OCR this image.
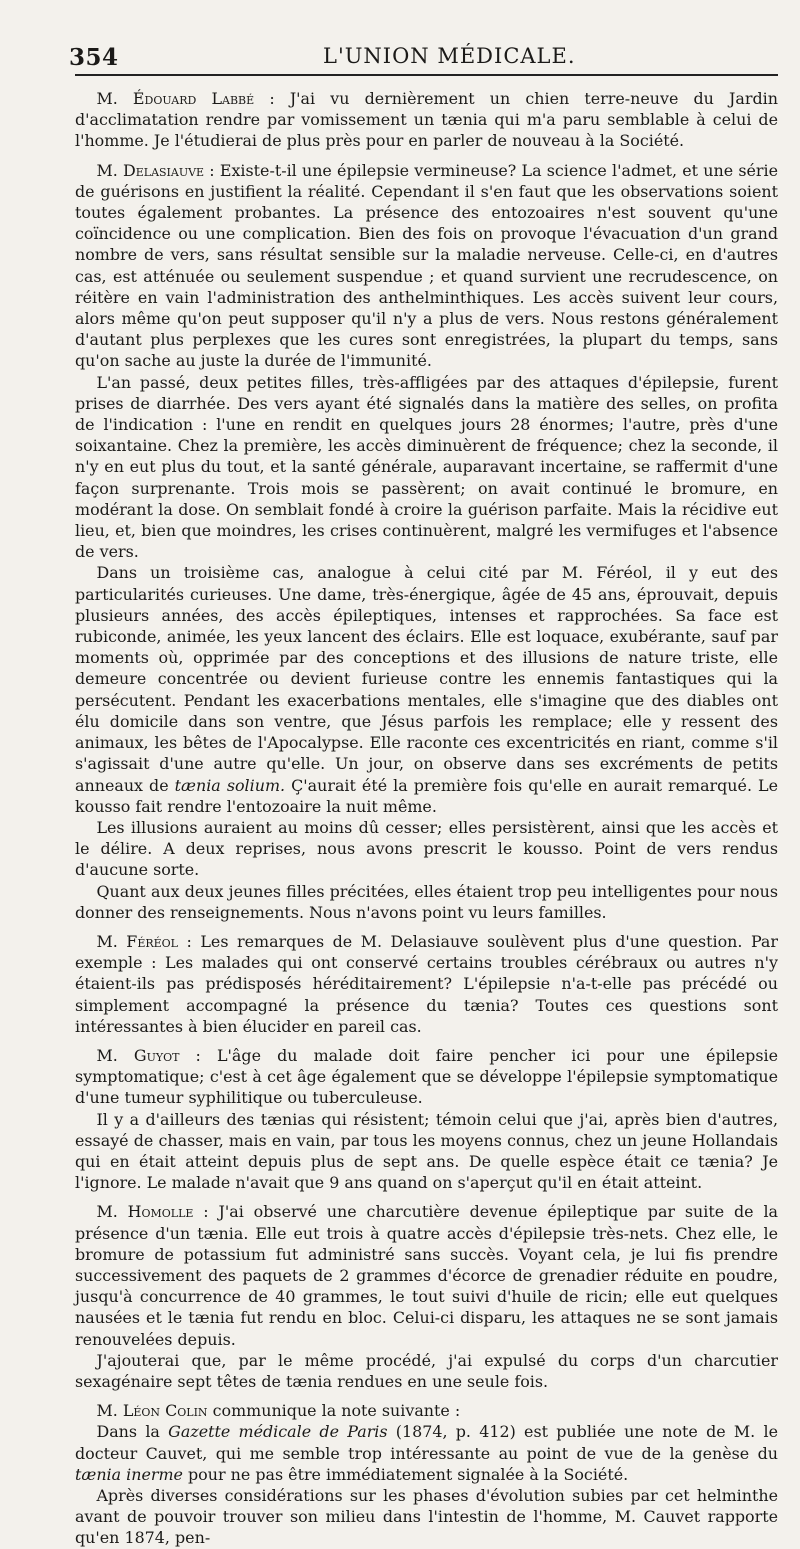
354	L'UNION MÉDICALE.

M. Édouard Labbé : J'ai vu dernièrement un chien terre-neuve du Jardin d'acclimatation rendre par vomissement un tænia qui m'a paru semblable à celui de l'homme. Je l'étudierai de plus près pour en parler de nouveau à la Société.

M. Delasiauve : Existe-t-il une épilepsie vermineuse? La science l'admet, et une série de guérisons en justifient la réalité. Cependant il s'en faut que les observations soient toutes également probantes. La présence des entozoaires n'est souvent qu'une coïncidence ou une complication. Bien des fois on provoque l'évacuation d'un grand nombre de vers, sans résultat sensible sur la maladie nerveuse. Celle-ci, en d'autres cas, est atténuée ou seulement suspendue ; et quand survient une recrudescence, on réitère en vain l'administration des anthelminthiques. Les accès suivent leur cours, alors même qu'on peut supposer qu'il n'y a plus de vers. Nous restons généralement d'autant plus perplexes que les cures sont enregistrées, la plupart du temps, sans qu'on sache au juste la durée de l'immunité.

L'an passé, deux petites filles, très-affligées par des attaques d'épilepsie, furent prises de diarrhée. Des vers ayant été signalés dans la matière des selles, on profita de l'indication : l'une en rendit en quelques jours 28 énormes; l'autre, près d'une soixantaine. Chez la première, les accès diminuèrent de fréquence; chez la seconde, il n'y en eut plus du tout, et la santé générale, auparavant incertaine, se raffermit d'une façon surprenante. Trois mois se passèrent; on avait continué le bromure, en modérant la dose. On semblait fondé à croire la guérison parfaite. Mais la récidive eut lieu, et, bien que moindres, les crises continuèrent, malgré les vermifuges et l'absence de vers.

Dans un troisième cas, analogue à celui cité par M. Féréol, il y eut des particularités curieuses. Une dame, très-énergique, âgée de 45 ans, éprouvait, depuis plusieurs années, des accès épileptiques, intenses et rapprochées. Sa face est rubiconde, animée, les yeux lancent des éclairs. Elle est loquace, exubérante, sauf par moments où, opprimée par des conceptions et des illusions de nature triste, elle demeure concentrée ou devient furieuse contre les ennemis fantastiques qui la persécutent. Pendant les exacerbations mentales, elle s'imagine que des diables ont élu domicile dans son ventre, que Jésus parfois les remplace; elle y ressent des animaux, les bêtes de l'Apocalypse. Elle raconte ces excentricités en riant, comme s'il s'agissait d'une autre qu'elle. Un jour, on observe dans ses excréments de petits anneaux de tænia solium. Ç'aurait été la première fois qu'elle en aurait remarqué. Le kousso fait rendre l'entozoaire la nuit même.

Les illusions auraient au moins dû cesser; elles persistèrent, ainsi que les accès et le délire. A deux reprises, nous avons prescrit le kousso. Point de vers rendus d'aucune sorte.

Quant aux deux jeunes filles précitées, elles étaient trop peu intelligentes pour nous donner des renseignements. Nous n'avons point vu leurs familles.

M. Féréol : Les remarques de M. Delasiauve soulèvent plus d'une question. Par exemple : Les malades qui ont conservé certains troubles cérébraux ou autres n'y étaient-ils pas prédisposés héréditairement? L'épilepsie n'a-t-elle pas précédé ou simplement accompagné la présence du tænia? Toutes ces questions sont intéressantes à bien élucider en pareil cas.

M. Guyot : L'âge du malade doit faire pencher ici pour une épilepsie symptomatique; c'est à cet âge également que se développe l'épilepsie symptomatique d'une tumeur syphilitique ou tuberculeuse.

Il y a d'ailleurs des tænias qui résistent; témoin celui que j'ai, après bien d'autres, essayé de chasser, mais en vain, par tous les moyens connus, chez un jeune Hollandais qui en était atteint depuis plus de sept ans. De quelle espèce était ce tænia? Je l'ignore. Le malade n'avait que 9 ans quand on s'aperçut qu'il en était atteint.

M. Homolle : J'ai observé une charcutière devenue épileptique par suite de la présence d'un tænia. Elle eut trois à quatre accès d'épilepsie très-nets. Chez elle, le bromure de potassium fut administré sans succès. Voyant cela, je lui fis prendre successivement des paquets de 2 grammes d'écorce de grenadier réduite en poudre, jusqu'à concurrence de 40 grammes, le tout suivi d'huile de ricin; elle eut quelques nausées et le tænia fut rendu en bloc. Celui-ci disparu, les attaques ne se sont jamais renouvelées depuis.

J'ajouterai que, par le même procédé, j'ai expulsé du corps d'un charcutier sexagénaire sept têtes de tænia rendues en une seule fois.

M. Léon Colin communique la note suivante :

Dans la Gazette médicale de Paris (1874, p. 412) est publiée une note de M. le docteur Cauvet, qui me semble trop intéressante au point de vue de la genèse du tænia inerme pour ne pas être immédiatement signalée à la Société.

Après diverses considérations sur les phases d'évolution subies par cet helminthe avant de pouvoir trouver son milieu dans l'intestin de l'homme, M. Cauvet rapporte qu'en 1874, pen-
